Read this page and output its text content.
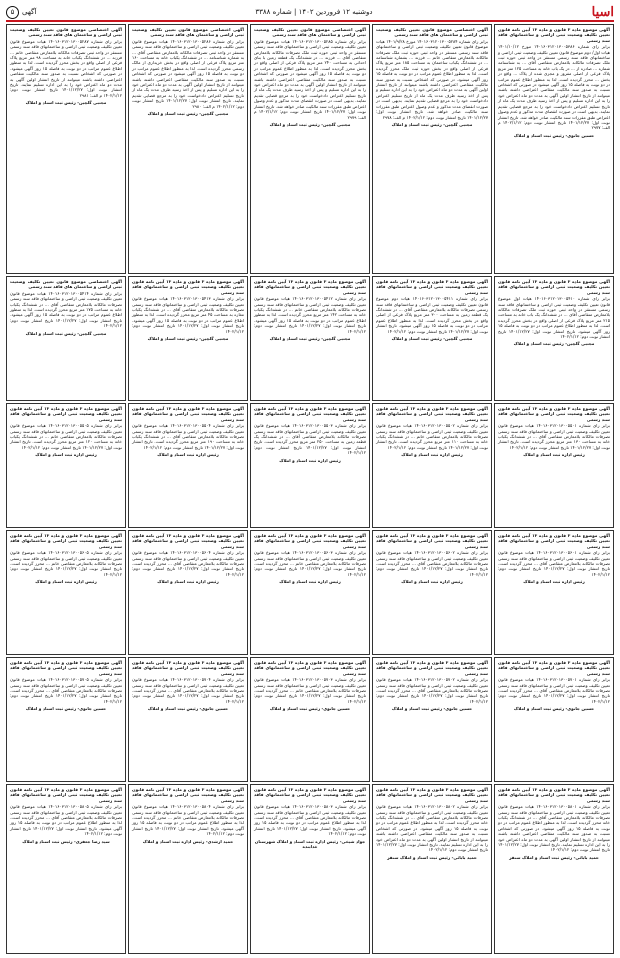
۵	آگهی	دوشنبه ۱۲ فروردین ۱۴۰۲ | شماره ۳۳۸۸	اسیا
آگهی موضوع ماده ۳ قانون و ماده ۱۳ آیین نامه قانون تعیین تکلیف وضعیت ثبتی اراضی و ساختمانهای فاقد سند رسمی
برابر رای شماره ۱۴۰۱۶۰۳۱۲۰۱۳۰۰۵۳۸۶ مورخ ۱۴۰۱/۱۰/۱۲ هیات اول/ دوم موضوع قانون تعیین تکلیف وضعیت ثبتی اراضی و ساختمانهای فاقد سند رسمی مستقر در واحد ثبتی حوزه ثبت ملک تصرفات مالکانه بلامعارض متقاضی آقای ... به شناسنامه شماره ... صادره از ... در یک باب خانه به مساحت ۱۲۵ متر مربع پلاک فرعی از اصلی مفروز و مجزی شده از پلاک ... واقع در بخش ... محرز گردیده است. لذا به منظور اطلاع عموم مراتب در دو نوبت به فاصله ۱۵ روز آگهی میشود در صورتی که اشخاص نسبت به صدور سند مالکیت متقاضی اعتراضی داشته باشند میتوانند از تاریخ انتشار اولین آگهی به مدت دو ماه اعتراض خود را به این اداره تسلیم و پس از اخذ رسید ظرف مدت یک ماه از تاریخ تسلیم اعتراض دادخواست خود را به مرجع قضایی تقدیم نمایند. بدیهی است در صورت انقضای مدت مذکور و عدم وصول اعتراض طبق مقررات سند مالکیت صادر خواهد شد. تاریخ انتشار نوبت اول: ۱۴۰۱/۱۲/۲۷ تاریخ انتشار نوبت دوم: ۱۴۰۲/۱/۱۲ م الف: ۲۹۷۷
حسین جانوی- رئیس ثبت اسناد و املاک
آگهی اختصاصی موضوع قانون تعیین تکلیف وضعیت ثبتی اراضی و ساختمان های فاقد سند رسمی
برابر رای شماره ۱۴۰۱۶۰۳۱۲۰۱۳۰۰۵۲۸۴ مورخ ۱۴۰۱/۹/۲۸ هیات موضوع قانون تعیین تکلیف وضعیت ثبتی اراضی و ساختمانهای فاقد سند رسمی مستقر در واحد ثبتی حوزه ثبت ملک تصرفات مالکانه بلامعارض متقاضی خانم ... فرزند ... بشماره شناسنامه ... در ششدانگ یکباب ساختمان به مساحت ۱۸۵ متر مربع پلاک فرعی از اصلی واقع در بخش حوزه ثبت ملک محرز گردیده است. لذا به منظور اطلاع عموم مراتب در دو نوبت به فاصله ۱۵ روز آگهی میشود. در صورتی که اشخاص نسبت به صدور سند مالکیت متقاضی اعتراضی داشته باشند میتوانند از تاریخ انتشار اولین آگهی به مدت دو ماه اعتراض خود را به این اداره تسلیم و پس از اخذ رسید ظرف مدت یک ماه از تاریخ تسلیم اعتراض دادخواست خود را به مرجع قضایی تقدیم نمایند. بدیهی است در صورت انقضای مدت مذکور و عدم وصول اعتراض طبق مقررات سند مالکیت صادر خواهد شد. تاریخ انتشار نوبت اول: ۱۴۰۱/۱۲/۲۷ تاریخ انتشار نوبت دوم: ۱۴۰۲/۱/۱۲ م الف: ۲۹۷۸
مجتبی گلچین- رئیس ثبت اسناد و املاک
آگهی اختصاصی موضوع قانون تعیین تکلیف وضعیت ثبتی اراضی و ساختمان های فاقد سند رسمی
برابر رای شماره ۱۴۰۱۶۰۳۱۲۰۱۳۰۰۵۲۸۵ هیات موضوع قانون تعیین تکلیف وضعیت ثبتی اراضی و ساختمانهای فاقد سند رسمی مستقر در واحد ثبتی حوزه ثبت ملک تصرفات مالکانه بلامعارض متقاضی آقای ... فرزند ... در ششدانگ یک قطعه زمین با بنای احداثی به مساحت ۲۴۰ متر مربع پلاک فرعی از اصلی واقع در بخش محرز گردیده است. لذا به منظور اطلاع عموم مراتب در دو نوبت به فاصله ۱۵ روز آگهی میشود در صورتی که اشخاص نسبت به صدور سند مالکیت متقاضی اعتراضی داشته باشند میتوانند از تاریخ انتشار اولین آگهی به مدت دو ماه اعتراض خود را به این اداره تسلیم و پس از اخذ رسید ظرف مدت یک ماه از تاریخ تسلیم اعتراض دادخواست خود را به مرجع قضایی تقدیم نمایند. بدیهی است در صورت انقضای مدت مذکور و عدم وصول اعتراض طبق مقررات سند مالکیت صادر خواهد شد. تاریخ انتشار نوبت اول: ۱۴۰۱/۱۲/۲۷ تاریخ انتشار نوبت دوم: ۱۴۰۲/۱/۱۲ م الف: ۲۹۷۹
مجتبی گلچین- رئیس ثبت اسناد و املاک
آگهی اختصاصی موضوع قانون تعیین تکلیف وضعیت ثبتی اراضی و ساختمان های فاقد سند رسمی
برابر رای شماره ۱۴۰۱۶۰۳۱۲۰۱۳۰۰۵۲۸۶ هیات موضوع قانون تعیین تکلیف وضعیت ثبتی اراضی و ساختمانهای فاقد سند رسمی مستقر در واحد ثبتی تصرفات مالکانه بلامعارض متقاضی آقای ... به شماره شناسنامه ... در ششدانگ یکباب خانه به مساحت ۱۶۰ متر مربع پلاک فرعی از اصلی واقع در بخش خریداری از مالک رسمی محرز گردیده است. لذا به منظور اطلاع عموم مراتب در دو نوبت به فاصله ۱۵ روز آگهی میشود در صورتی که اشخاص نسبت به صدور سند مالکیت متقاضی اعتراضی داشته باشند میتوانند از تاریخ انتشار اولین آگهی به مدت دو ماه اعتراض خود را به این اداره تسلیم و پس از اخذ رسید ظرف مدت یک ماه از تاریخ تسلیم اعتراض دادخواست خود را به مرجع قضایی تقدیم نمایند. تاریخ انتشار نوبت اول: ۱۴۰۱/۱۲/۲۷ تاریخ انتشار نوبت دوم: ۱۴۰۲/۱/۱۲ م الف: ۲۹۸۰
مجتبی گلچین- رئیس ثبت اسناد و املاک
آگهی اختصاصی موضوع قانون تعیین تکلیف وضعیت ثبتی اراضی و ساختمان های فاقد سند رسمی
برابر رای شماره ۱۴۰۱۶۰۳۱۲۰۱۳۰۰۵۲۸۷ هیات موضوع قانون تعیین تکلیف وضعیت ثبتی اراضی و ساختمانهای فاقد سند رسمی مستقر در واحد ثبتی تصرفات مالکانه بلامعارض متقاضی خانم ... فرزند ... در ششدانگ یکباب خانه به مساحت ۹۸ متر مربع پلاک فرعی از اصلی واقع در بخش محرز گردیده است. لذا به منظور اطلاع عموم مراتب در دو نوبت به فاصله ۱۵ روز آگهی میشود. در صورتی که اشخاص نسبت به صدور سند مالکیت متقاضی اعتراضی داشته باشند میتوانند از تاریخ انتشار اولین آگهی به مدت دو ماه اعتراض خود را به این اداره تسلیم نمایند. تاریخ انتشار نوبت اول: ۱۴۰۱/۱۲/۲۷ تاریخ انتشار نوبت دوم: ۱۴۰۲/۱/۱۲ م الف: ۲۹۸۱
مجتبی گلچین- رئیس ثبت اسناد و املاک
آگهی موضوع ماده ۳ قانون و ماده ۱۳ آیین نامه قانون تعیین تکلیف وضعیت ثبتی اراضی و ساختمانهای فاقد سند رسمی
برابر رای شماره ۱۴۰۱۶۰۳۱۲۰۱۳۰۰۵۴۱۰ هیات اول موضوع قانون تعیین تکلیف وضعیت ثبتی اراضی و ساختمانهای فاقد سند رسمی مستقر در واحد ثبتی حوزه ثبت ملک تصرفات مالکانه بلامعارض متقاضی آقای ... در ششدانگ یک باب خانه به مساحت ۲۱۵ متر مربع پلاک فرعی از اصلی واقع در بخش محرز گردیده است. لذا به منظور اطلاع عموم مراتب در دو نوبت به فاصله ۱۵ روز آگهی میشود. تاریخ انتشار نوبت اول: ۱۴۰۱/۱۲/۲۷ تاریخ انتشار نوبت دوم: ۱۴۰۲/۱/۱۲
مجتبی گلچین- رئیس ثبت اسناد و املاک
آگهی موضوع ماده ۳ قانون و ماده ۱۳ آیین نامه قانون تعیین تکلیف وضعیت ثبتی اراضی و ساختمانهای فاقد سند رسمی
برابر رای شماره ۱۴۰۱۶۰۳۱۲۰۱۳۰۰۵۴۱۱ هیات دوم موضوع قانون تعیین تکلیف وضعیت ثبتی اراضی و ساختمانهای فاقد سند رسمی تصرفات مالکانه بلامعارض متقاضی آقای ... در ششدانگ یک قطعه زمین به مساحت ۳۰۰ متر مربع پلاک فرعی از اصلی واقع در بخش محرز گردیده است. لذا به منظور اطلاع عموم مراتب در دو نوبت به فاصله ۱۵ روز آگهی میشود. تاریخ انتشار نوبت اول: ۱۴۰۱/۱۲/۲۷ تاریخ انتشار نوبت دوم: ۱۴۰۲/۱/۱۲
مجتبی گلچین- رئیس ثبت اسناد و املاک
آگهی موضوع ماده ۳ قانون و ماده ۱۳ آیین نامه قانون تعیین تکلیف وضعیت ثبتی اراضی و ساختمانهای فاقد سند رسمی
برابر رای شماره ۱۴۰۱۶۰۳۱۲۰۱۳۰۰۵۴۱۲ هیات موضوع قانون تعیین تکلیف وضعیت ثبتی اراضی و ساختمانهای فاقد سند رسمی تصرفات مالکانه بلامعارض متقاضی خانم ... در ششدانگ یکباب خانه به مساحت ۱۴۲ متر مربع محرز گردیده است. لذا به منظور اطلاع عموم مراتب در دو نوبت به فاصله ۱۵ روز آگهی میشود. تاریخ انتشار نوبت اول: ۱۴۰۱/۱۲/۲۷ تاریخ انتشار نوبت دوم: ۱۴۰۲/۱/۱۲
مجتبی گلچین- رئیس ثبت اسناد و املاک
آگهی موضوع ماده ۳ قانون و ماده ۱۳ آیین نامه قانون تعیین تکلیف وضعیت ثبتی اراضی و ساختمانهای فاقد سند رسمی
برابر رای شماره ۱۴۰۱۶۰۳۱۲۰۱۳۰۰۵۴۱۳ هیات موضوع قانون تعیین تکلیف وضعیت ثبتی اراضی و ساختمانهای فاقد سند رسمی تصرفات مالکانه بلامعارض متقاضی آقای ... در ششدانگ یکباب مغازه به مساحت ۴۵ متر مربع محرز گردیده است. لذا به منظور اطلاع عموم مراتب در دو نوبت به فاصله ۱۵ روز آگهی میشود. تاریخ انتشار نوبت اول: ۱۴۰۱/۱۲/۲۷ تاریخ انتشار نوبت دوم: ۱۴۰۲/۱/۱۲
مجتبی گلچین- رئیس ثبت اسناد و املاک
آگهی اختصاصی موضوع قانون تعیین تکلیف وضعیت ثبتی اراضی و ساختمان های فاقد سند رسمی
برابر رای شماره ۱۴۰۱۶۰۳۱۲۰۱۳۰۰۵۴۱۴ هیات موضوع قانون تعیین تکلیف وضعیت ثبتی اراضی و ساختمانهای فاقد سند رسمی تصرفات مالکانه بلامعارض متقاضی آقای ... در ششدانگ یکباب خانه به مساحت ۱۷۵ متر مربع محرز گردیده است. لذا به منظور اطلاع عموم مراتب در دو نوبت به فاصله ۱۵ روز آگهی میشود. تاریخ انتشار نوبت اول: ۱۴۰۱/۱۲/۲۷ تاریخ انتشار نوبت دوم: ۱۴۰۲/۱/۱۲
مجتبی گلچین- رئیس ثبت اسناد و املاک
آگهی موضوع ماده ۳ قانون و ماده ۱۳ آیین نامه قانون تعیین تکلیف وضعیت ثبتی اراضی و ساختمانهای فاقد سند رسمی
برابر رای شماره ۱۴۰۱۶۰۳۱۲۰۱۳۰۰۵۵۰۱ هیات موضوع قانون تعیین تکلیف وضعیت ثبتی اراضی و ساختمانهای فاقد سند رسمی تصرفات مالکانه بلامعارض متقاضی آقای ... در ششدانگ یکباب خانه به مساحت ۱۳۰ متر مربع محرز گردیده است. تاریخ انتشار نوبت اول: ۱۴۰۱/۱۲/۲۷ تاریخ انتشار نوبت دوم: ۱۴۰۲/۱/۱۲
رئیس اداره ثبت اسناد و املاک
آگهی موضوع ماده ۳ قانون و ماده ۱۳ آیین نامه قانون تعیین تکلیف وضعیت ثبتی اراضی و ساختمانهای فاقد سند رسمی
برابر رای شماره ۱۴۰۱۶۰۳۱۲۰۱۳۰۰۵۵۰۲ هیات موضوع قانون تعیین تکلیف وضعیت ثبتی اراضی و ساختمانهای فاقد سند رسمی تصرفات مالکانه بلامعارض متقاضی خانم ... در ششدانگ یکباب خانه به مساحت ۱۱۰ متر مربع محرز گردیده است. تاریخ انتشار نوبت اول: ۱۴۰۱/۱۲/۲۷ تاریخ انتشار نوبت دوم: ۱۴۰۲/۱/۱۲
رئیس اداره ثبت اسناد و املاک
آگهی موضوع ماده ۳ قانون و ماده ۱۳ آیین نامه قانون تعیین تکلیف وضعیت ثبتی اراضی و ساختمانهای فاقد سند رسمی
برابر رای شماره ۱۴۰۱۶۰۳۱۲۰۱۳۰۰۵۵۰۳ هیات موضوع قانون تعیین تکلیف وضعیت ثبتی اراضی و ساختمانهای فاقد سند رسمی تصرفات مالکانه بلامعارض متقاضی آقای ... در ششدانگ یک قطعه زمین به مساحت ۲۵۰ متر مربع محرز گردیده است. تاریخ انتشار نوبت اول: ۱۴۰۱/۱۲/۲۷ تاریخ انتشار نوبت دوم: ۱۴۰۲/۱/۱۲
رئیس اداره ثبت اسناد و املاک
آگهی موضوع ماده ۳ قانون و ماده ۱۳ آیین نامه قانون تعیین تکلیف وضعیت ثبتی اراضی و ساختمانهای فاقد سند رسمی
برابر رای شماره ۱۴۰۱۶۰۳۱۲۰۱۳۰۰۵۵۰۴ هیات موضوع قانون تعیین تکلیف وضعیت ثبتی اراضی و ساختمانهای فاقد سند رسمی تصرفات مالکانه بلامعارض متقاضی آقای ... در ششدانگ یکباب خانه به مساحت ۱۹۰ متر مربع محرز گردیده است. تاریخ انتشار نوبت اول: ۱۴۰۱/۱۲/۲۷ تاریخ انتشار نوبت دوم: ۱۴۰۲/۱/۱۲
رئیس اداره ثبت اسناد و املاک
آگهی موضوع ماده ۳ قانون و ماده ۱۳ آیین نامه قانون تعیین تکلیف وضعیت ثبتی اراضی و ساختمانهای فاقد سند رسمی
برابر رای شماره ۱۴۰۱۶۰۳۱۲۰۱۳۰۰۵۵۰۵ هیات موضوع قانون تعیین تکلیف وضعیت ثبتی اراضی و ساختمانهای فاقد سند رسمی تصرفات مالکانه بلامعارض متقاضی خانم ... در ششدانگ یکباب خانه به مساحت ۱۲۰ متر مربع محرز گردیده است. تاریخ انتشار نوبت اول: ۱۴۰۱/۱۲/۲۷ تاریخ انتشار نوبت دوم: ۱۴۰۲/۱/۱۲
رئیس اداره ثبت اسناد و املاک
آگهی موضوع ماده ۳ قانون و ماده ۱۳ آیین نامه قانون تعیین تکلیف وضعیت ثبتی اراضی و ساختمانهای فاقد سند رسمی
برابر رای شماره ۱۴۰۱۶۰۳۱۲۰۱۳۰۰۵۶۰۱ هیات موضوع قانون تعیین تکلیف وضعیت ثبتی اراضی و ساختمانهای فاقد سند رسمی تصرفات مالکانه بلامعارض متقاضی آقای ... محرز گردیده است. تاریخ انتشار نوبت اول: ۱۴۰۱/۱۲/۲۷ تاریخ انتشار نوبت دوم: ۱۴۰۲/۱/۱۲
رئیس اداره ثبت اسناد و املاک
آگهی موضوع ماده ۳ قانون و ماده ۱۳ آیین نامه قانون تعیین تکلیف وضعیت ثبتی اراضی و ساختمانهای فاقد سند رسمی
برابر رای شماره ۱۴۰۱۶۰۳۱۲۰۱۳۰۰۵۶۰۲ هیات موضوع قانون تعیین تکلیف وضعیت ثبتی اراضی و ساختمانهای فاقد سند رسمی تصرفات مالکانه بلامعارض متقاضی آقای ... محرز گردیده است. تاریخ انتشار نوبت اول: ۱۴۰۱/۱۲/۲۷ تاریخ انتشار نوبت دوم: ۱۴۰۲/۱/۱۲
رئیس اداره ثبت اسناد و املاک
آگهی موضوع ماده ۳ قانون و ماده ۱۳ آیین نامه قانون تعیین تکلیف وضعیت ثبتی اراضی و ساختمانهای فاقد سند رسمی
برابر رای شماره ۱۴۰۱۶۰۳۱۲۰۱۳۰۰۵۶۰۳ هیات موضوع قانون تعیین تکلیف وضعیت ثبتی اراضی و ساختمانهای فاقد سند رسمی تصرفات مالکانه بلامعارض متقاضی خانم ... محرز گردیده است. تاریخ انتشار نوبت اول: ۱۴۰۱/۱۲/۲۷ تاریخ انتشار نوبت دوم: ۱۴۰۲/۱/۱۲
رئیس اداره ثبت اسناد و املاک
آگهی موضوع ماده ۳ قانون و ماده ۱۳ آیین نامه قانون تعیین تکلیف وضعیت ثبتی اراضی و ساختمانهای فاقد سند رسمی
برابر رای شماره ۱۴۰۱۶۰۳۱۲۰۱۳۰۰۵۶۰۴ هیات موضوع قانون تعیین تکلیف وضعیت ثبتی اراضی و ساختمانهای فاقد سند رسمی تصرفات مالکانه بلامعارض متقاضی آقای ... محرز گردیده است. تاریخ انتشار نوبت اول: ۱۴۰۱/۱۲/۲۷ تاریخ انتشار نوبت دوم: ۱۴۰۲/۱/۱۲
رئیس اداره ثبت اسناد و املاک
آگهی موضوع ماده ۳ قانون و ماده ۱۳ آیین نامه قانون تعیین تکلیف وضعیت ثبتی اراضی و ساختمانهای فاقد سند رسمی
برابر رای شماره ۱۴۰۱۶۰۳۱۲۰۱۳۰۰۵۶۰۵ هیات موضوع قانون تعیین تکلیف وضعیت ثبتی اراضی و ساختمانهای فاقد سند رسمی تصرفات مالکانه بلامعارض متقاضی خانم ... محرز گردیده است. تاریخ انتشار نوبت اول: ۱۴۰۱/۱۲/۲۷ تاریخ انتشار نوبت دوم: ۱۴۰۲/۱/۱۲
رئیس اداره ثبت اسناد و املاک
آگهی موضوع ماده ۳ قانون و ماده ۱۳ آیین نامه قانون تعیین تکلیف وضعیت ثبتی اراضی و ساختمانهای فاقد سند رسمی
برابر رای شماره ۱۴۰۱۶۰۳۱۲۰۱۳۰۰۵۷۰۱ هیات موضوع قانون تعیین تکلیف وضعیت ثبتی اراضی و ساختمانهای فاقد سند رسمی تصرفات مالکانه بلامعارض متقاضی آقای ... محرز گردیده است. تاریخ انتشار نوبت اول: ۱۴۰۱/۱۲/۲۷ تاریخ انتشار نوبت دوم: ۱۴۰۲/۱/۱۲
حسین جانوی- رئیس ثبت اسناد و املاک
آگهی موضوع ماده ۳ قانون و ماده ۱۳ آیین نامه قانون تعیین تکلیف وضعیت ثبتی اراضی و ساختمانهای فاقد سند رسمی
برابر رای شماره ۱۴۰۱۶۰۳۱۲۰۱۳۰۰۵۷۰۲ هیات موضوع قانون تعیین تکلیف وضعیت ثبتی اراضی و ساختمانهای فاقد سند رسمی تصرفات مالکانه بلامعارض متقاضی آقای ... محرز گردیده است. تاریخ انتشار نوبت اول: ۱۴۰۱/۱۲/۲۷ تاریخ انتشار نوبت دوم: ۱۴۰۲/۱/۱۲
حسین جانوی- رئیس ثبت اسناد و املاک
آگهی موضوع ماده ۳ قانون و ماده ۱۳ آیین نامه قانون تعیین تکلیف وضعیت ثبتی اراضی و ساختمانهای فاقد سند رسمی
برابر رای شماره ۱۴۰۱۶۰۳۱۲۰۱۳۰۰۵۷۰۳ هیات موضوع قانون تعیین تکلیف وضعیت ثبتی اراضی و ساختمانهای فاقد سند رسمی تصرفات مالکانه بلامعارض متقاضی خانم ... محرز گردیده است. تاریخ انتشار نوبت اول: ۱۴۰۱/۱۲/۲۷ تاریخ انتشار نوبت دوم: ۱۴۰۲/۱/۱۲
حسین جانوی- رئیس ثبت اسناد و املاک
آگهی موضوع ماده ۳ قانون و ماده ۱۳ آیین نامه قانون تعیین تکلیف وضعیت ثبتی اراضی و ساختمانهای فاقد سند رسمی
برابر رای شماره ۱۴۰۱۶۰۳۱۲۰۱۳۰۰۵۷۰۴ هیات موضوع قانون تعیین تکلیف وضعیت ثبتی اراضی و ساختمانهای فاقد سند رسمی تصرفات مالکانه بلامعارض متقاضی آقای ... محرز گردیده است. تاریخ انتشار نوبت اول: ۱۴۰۱/۱۲/۲۷ تاریخ انتشار نوبت دوم: ۱۴۰۲/۱/۱۲
حسین جانوی- رئیس ثبت اسناد و املاک
آگهی موضوع ماده ۳ قانون و ماده ۱۳ آیین نامه قانون تعیین تکلیف وضعیت ثبتی اراضی و ساختمانهای فاقد سند رسمی
برابر رای شماره ۱۴۰۱۶۰۳۱۲۰۱۳۰۰۵۷۰۵ هیات موضوع قانون تعیین تکلیف وضعیت ثبتی اراضی و ساختمانهای فاقد سند رسمی تصرفات مالکانه بلامعارض متقاضی آقای ... محرز گردیده است. تاریخ انتشار نوبت اول: ۱۴۰۱/۱۲/۲۷ تاریخ انتشار نوبت دوم: ۱۴۰۲/۱/۱۲
حسین جانوی- رئیس ثبت اسناد و املاک
آگهی موضوع ماده ۳ قانون و ماده ۱۳ آیین نامه قانون تعیین تکلیف وضعیت ثبتی اراضی و ساختمانهای فاقد سند رسمی
برابر رای شماره ۱۴۰۱۶۰۳۱۲۰۱۳۰۰۵۸۰۱ هیات موضوع قانون تعیین تکلیف وضعیت ثبتی اراضی و ساختمانهای فاقد سند رسمی تصرفات مالکانه بلامعارض متقاضی آقای ... در ششدانگ یکباب خانه محرز گردیده است. لذا به منظور اطلاع عموم مراتب در دو نوبت به فاصله ۱۵ روز آگهی میشود. در صورتی که اشخاص نسبت به صدور سند مالکیت متقاضی اعتراضی داشته باشند میتوانند از تاریخ انتشار اولین آگهی به مدت دو ماه اعتراض خود را به این اداره تسلیم نمایند. تاریخ انتشار نوبت اول: ۱۴۰۱/۱۲/۲۷ تاریخ انتشار نوبت دوم: ۱۴۰۲/۱/۱۲
حمید بابائی- رئیس ثبت اسناد و املاک سنقر
آگهی موضوع ماده ۳ قانون و ماده ۱۳ آیین نامه قانون تعیین تکلیف وضعیت ثبتی اراضی و ساختمانهای فاقد سند رسمی
برابر رای شماره ۱۴۰۱۶۰۳۱۲۰۱۳۰۰۵۸۰۲ هیات موضوع قانون تعیین تکلیف وضعیت ثبتی اراضی و ساختمانهای فاقد سند رسمی تصرفات مالکانه بلامعارض متقاضی آقای ... در ششدانگ یکباب خانه محرز گردیده است. لذا به منظور اطلاع عموم مراتب در دو نوبت به فاصله ۱۵ روز آگهی میشود. در صورتی که اشخاص نسبت به صدور سند مالکیت متقاضی اعتراضی داشته باشند میتوانند از تاریخ انتشار اولین آگهی به مدت دو ماه اعتراض خود را به این اداره تسلیم نمایند. تاریخ انتشار نوبت اول: ۱۴۰۱/۱۲/۲۷ تاریخ انتشار نوبت دوم: ۱۴۰۲/۱/۱۲
حمید بابائی- رئیس ثبت اسناد و املاک سنقر
آگهی موضوع ماده ۳ قانون و ماده ۱۳ آیین نامه قانون تعیین تکلیف وضعیت ثبتی اراضی و ساختمانهای فاقد سند رسمی
برابر رای شماره ۱۴۰۱۶۰۳۱۲۰۱۳۰۰۵۸۰۳ هیات موضوع قانون تعیین تکلیف وضعیت ثبتی اراضی و ساختمانهای فاقد سند رسمی تصرفات مالکانه بلامعارض متقاضی آقای ... محرز گردیده است. لذا به منظور اطلاع عموم مراتب در دو نوبت به فاصله ۱۵ روز آگهی میشود. تاریخ انتشار نوبت اول: ۱۴۰۱/۱۲/۲۷ تاریخ انتشار نوبت دوم: ۱۴۰۲/۱/۱۲
جواد شیخی- رئیس اداره ثبت اسناد و املاک شهرستان خدابنده
آگهی موضوع ماده ۳ قانون و ماده ۱۳ آیین نامه قانون تعیین تکلیف وضعیت ثبتی اراضی و ساختمانهای فاقد سند رسمی
برابر رای شماره ۱۴۰۱۶۰۳۱۲۰۱۳۰۰۵۸۰۴ هیات موضوع قانون تعیین تکلیف وضعیت ثبتی اراضی و ساختمانهای فاقد سند رسمی تصرفات مالکانه بلامعارض متقاضی خانم ... محرز گردیده است. لذا به منظور اطلاع عموم مراتب در دو نوبت به فاصله ۱۵ روز آگهی میشود. تاریخ انتشار نوبت اول: ۱۴۰۱/۱۲/۲۷ تاریخ انتشار نوبت دوم: ۱۴۰۲/۱/۱۲
حمید ارشدی- رئیس اداره ثبت اسناد و املاک
آگهی موضوع ماده ۳ قانون و ماده ۱۳ آیین نامه قانون تعیین تکلیف وضعیت ثبتی اراضی و ساختمانهای فاقد سند رسمی
برابر رای شماره ۱۴۰۱۶۰۳۱۲۰۱۳۰۰۵۸۰۵ هیات موضوع قانون تعیین تکلیف وضعیت ثبتی اراضی و ساختمانهای فاقد سند رسمی تصرفات مالکانه بلامعارض متقاضی آقای ... محرز گردیده است. لذا به منظور اطلاع عموم مراتب در دو نوبت به فاصله ۱۵ روز آگهی میشود. تاریخ انتشار نوبت اول: ۱۴۰۱/۱۲/۲۷ تاریخ انتشار نوبت دوم: ۱۴۰۲/۱/۱۲
سید رضا جعفری- رئیس ثبت اسناد و املاک
